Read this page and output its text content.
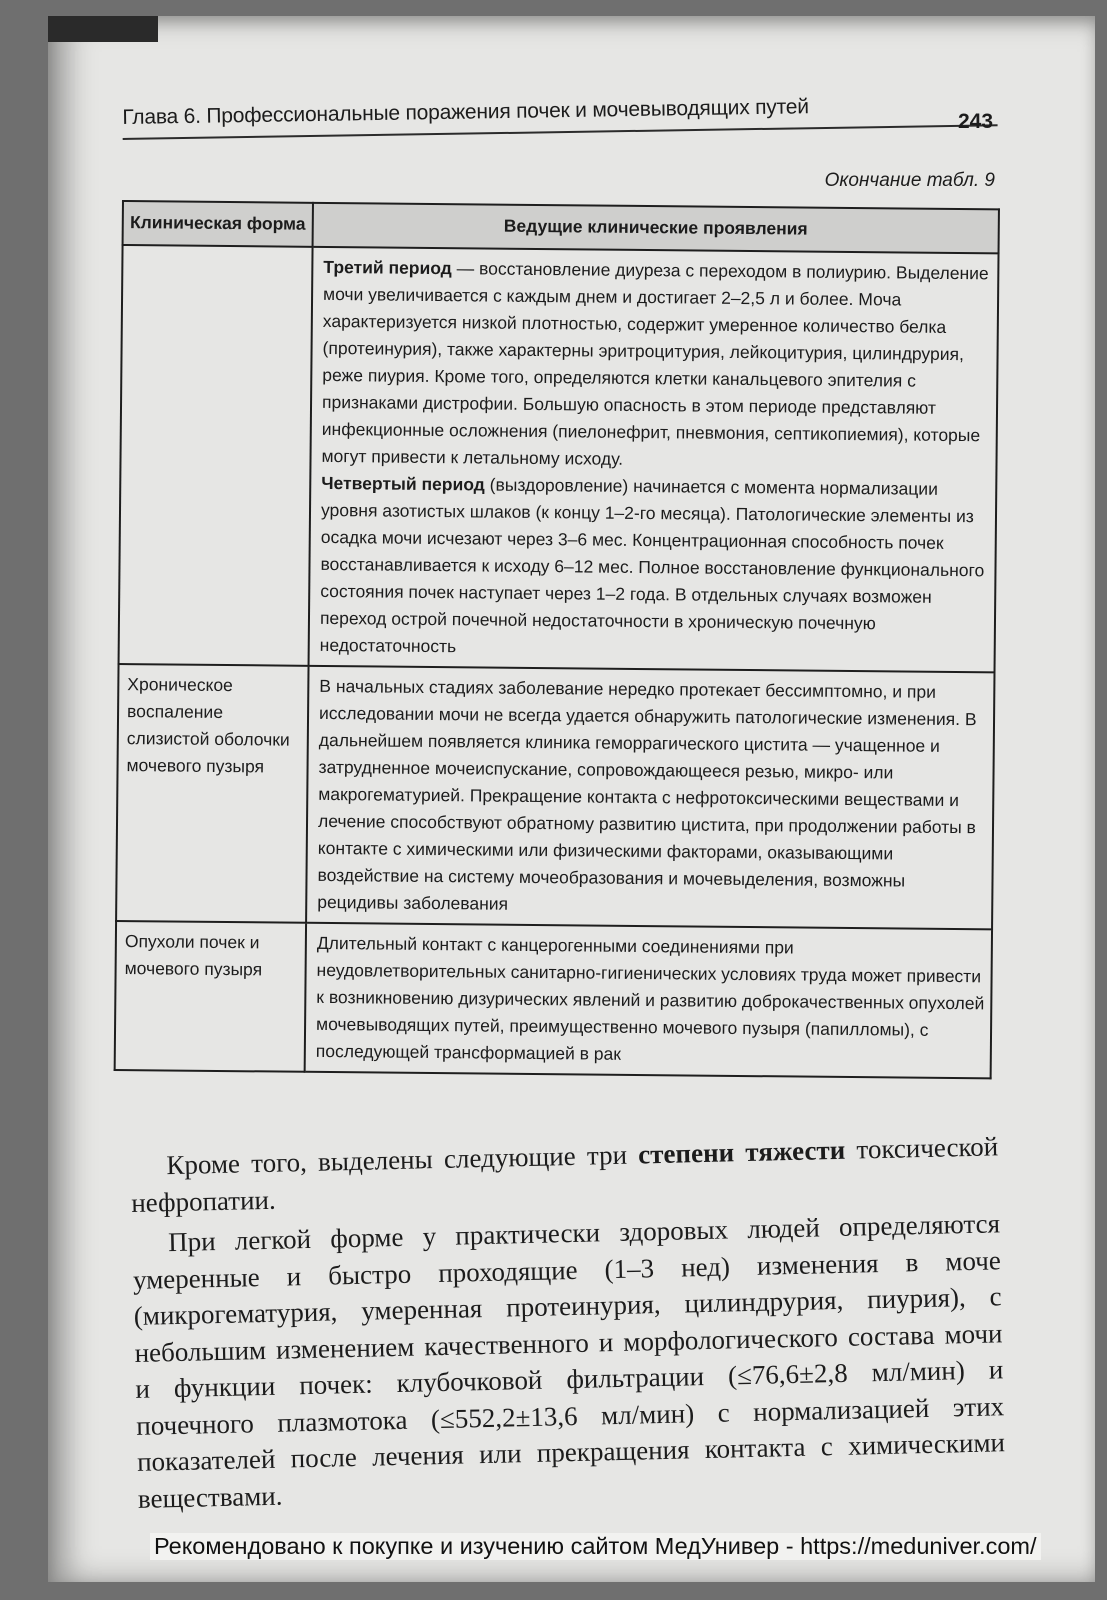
Глава 6. Профессиональные поражения почек и мочевыводящих путей	243
Окончание табл. 9
Клиническая форма	Ведущие клинические проявления

	Третий период — восстановление диуреза с переходом в полиурию. Выделение мочи увеличивается с каждым днем и достигает 2–2,5 л и более. Моча характеризуется низкой плотностью, содержит умеренное количество белка (протеинурия), также характерны эритроцитурия, лейкоцитурия, цилиндрурия, реже пиурия. Кроме того, определяются клетки канальцевого эпителия с признаками дистрофии. Большую опасность в этом периоде представляют инфекционные осложнения (пиелонефрит, пневмония, септикопиемия), которые могут привести к летальному исходу.
Четвертый период (выздоровление) начинается с момента нормализации уровня азотистых шлаков (к концу 1–2-го месяца). Патологические элементы из осадка мочи исчезают через 3–6 мес. Концентрационная способность почек восстанавливается к исходу 6–12 мес. Полное восстановление функционального состояния почек наступает через 1–2 года. В отдельных случаях возможен переход острой почечной недостаточности в хроническую почечную недостаточность

Хроническое воспаление слизистой оболочки мочевого пузыря	В начальных стадиях заболевание нередко протекает бессимптомно, и при исследовании мочи не всегда удается обнаружить патологические изменения. В дальнейшем появляется клиника геморрагического цистита — учащенное и затрудненное мочеиспускание, сопровождающееся резью, микро- или макрогематурией. Прекращение контакта с нефротоксическими веществами и лечение способствуют обратному развитию цистита, при продолжении работы в контакте с химическими или физическими факторами, оказывающими воздействие на систему мочеобразования и мочевыделения, возможны рецидивы заболевания

Опухоли почек и мочевого пузыря	Длительный контакт с канцерогенными соединениями при неудовлетворительных санитарно-гигиенических условиях труда может привести к возникновению дизурических явлений и развитию доброкачественных опухолей мочевыводящих путей, преимущественно мочевого пузыря (папилломы), с последующей трансформацией в рак

Кроме того, выделены следующие три степени тяжести токсической нефропатии.

При легкой форме у практически здоровых людей определяются умеренные и быстро проходящие (1–3 нед) изменения в моче (микрогематурия, умеренная протеинурия, цилиндрурия, пиурия), с небольшим изменением качественного и морфологического состава мочи и функции почек: клубочковой фильтрации (≤76,6±2,8 мл/мин) и почечного плазмотока (≤552,2±13,6 мл/мин) с нормализацией этих показателей после лечения или прекращения контакта с химическими веществами.

Рекомендовано к покупке и изучению сайтом МедУнивер - https://meduniver.com/
